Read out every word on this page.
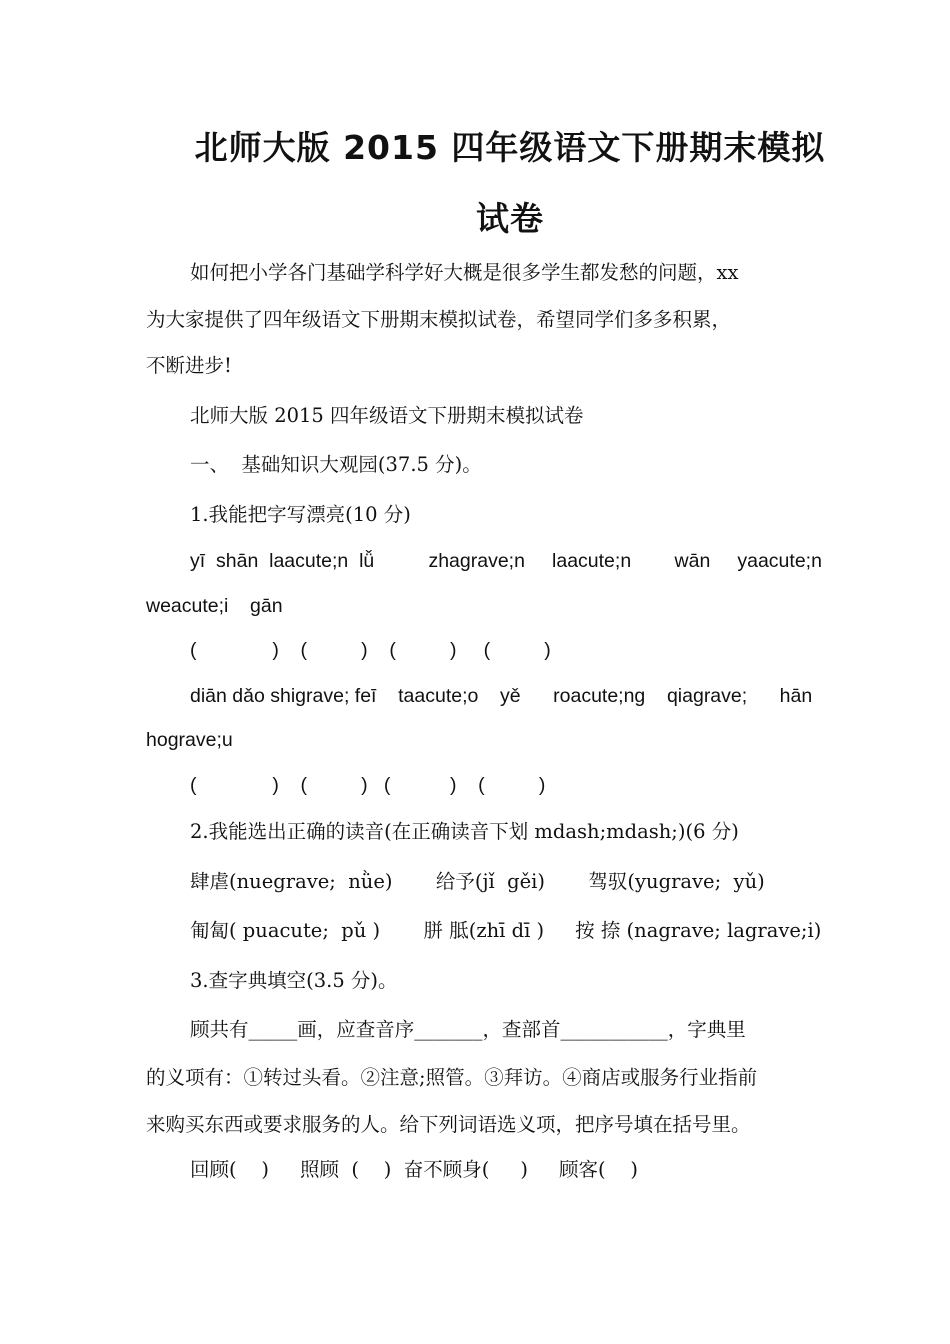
北师大版 2015 四年级语文下册期末模拟
试卷
如何把小学各门基础学科学好大概是很多学生都发愁的问题，xx
为大家提供了四年级语文下册期末模拟试卷，希望同学们多多积累，
不断进步!
北师大版 2015 四年级语文下册期末模拟试卷
一、  基础知识大观园(37.5 分)。
1.我能把字写漂亮(10 分)
yī  shān  laacute;n  lǚ          zhagrave;n     laacute;n        wān     yaacute;n
weacute;i    gān
(              )    (          )    (          )     (          )
diān dǎo shigrave; feī    taacute;o    yě      roacute;ng    qiagrave;      hān
hograve;u
(              )    (          )   (           )    (          )
2.我能选出正确的读音(在正确读音下划 mdash;mdash;)(6 分)
肆虐(nuegrave;  nǜe)       给予(jǐ  gěi)       驾驭(yugrave;  yǔ)
匍匐( puacute;  pǔ )       胼 胝(zhī dī )     按 捺 (nagrave; lagrave;i)
3.查字典填空(3.5 分)。
顾共有_____画，应查音序_______，查部首___________，字典里
的义项有：①转过头看。②注意;照管。③拜访。④商店或服务行业指前
来购买东西或要求服务的人。给下列词语选义项，把序号填在括号里。
回顾(    )     照顾  (    )  奋不顾身(     )     顾客(    )
